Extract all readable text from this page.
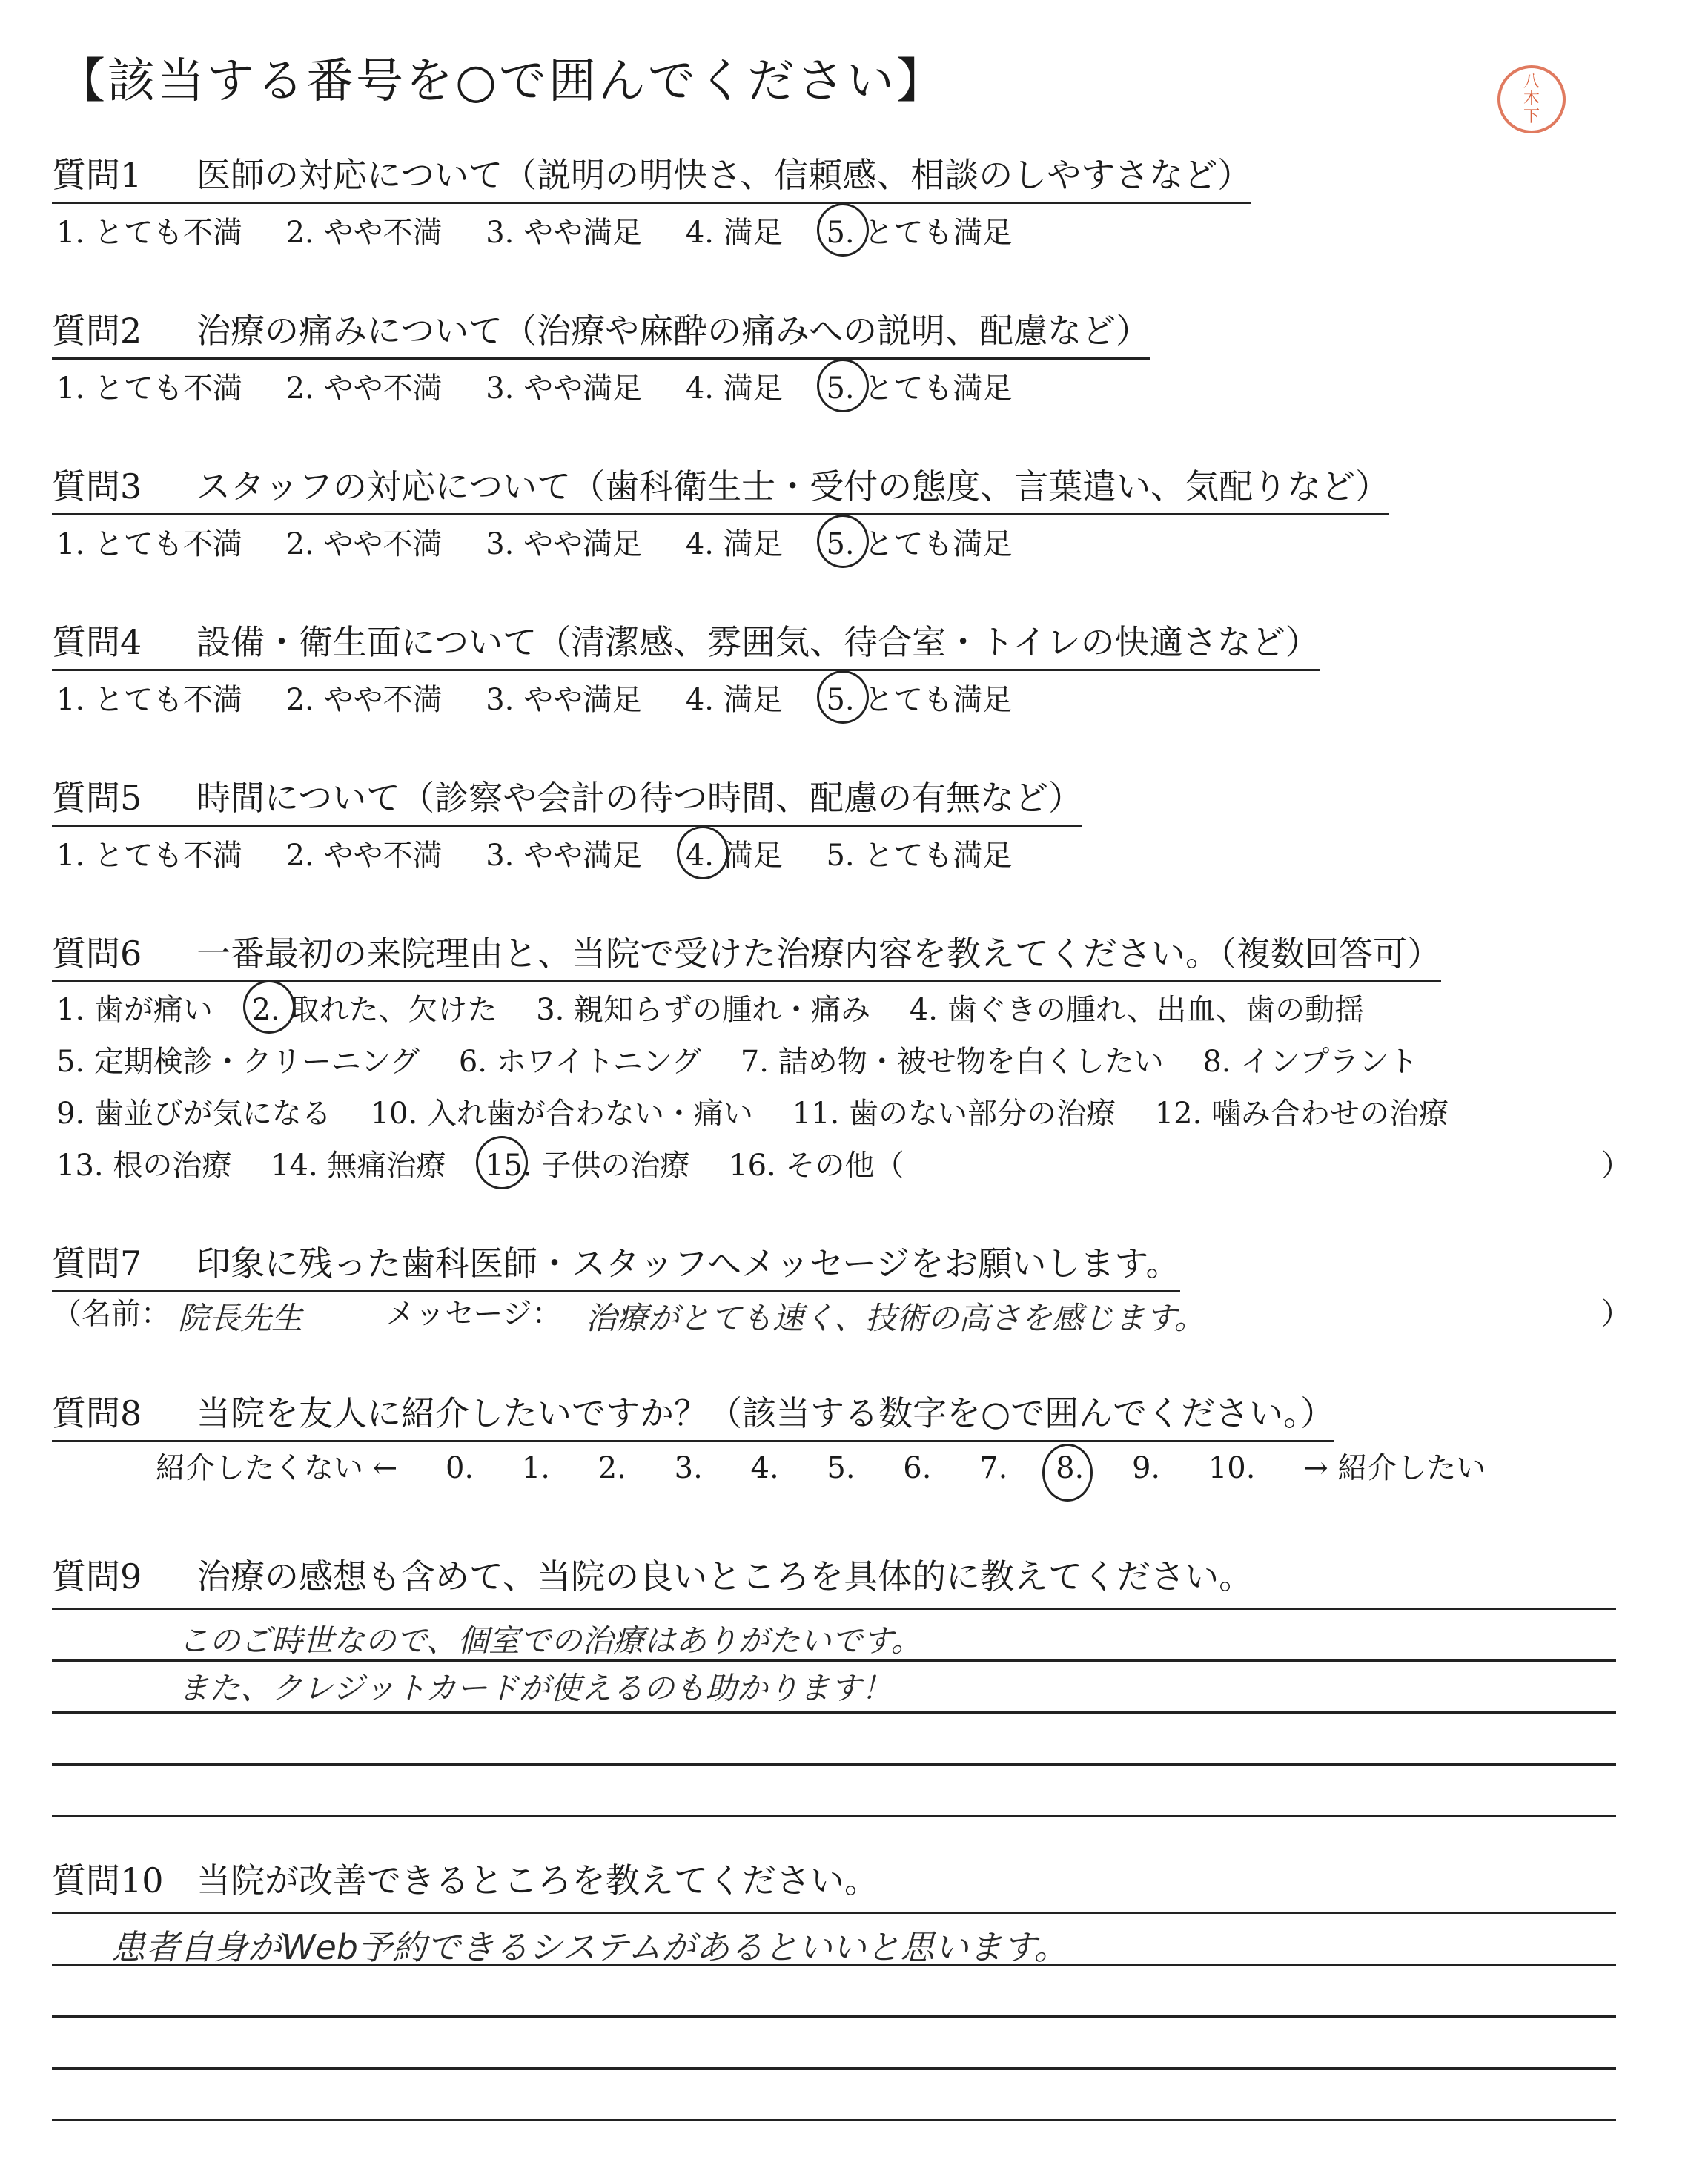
【該当する番号を○で囲んでください】	八
木
下
質問1 医師の対応について（説明の明快さ、信頼感、相談のしやすさなど）
1. とても不満 2. やや不満 3. やや満足 4. 満足 5. とても満足
質問2 治療の痛みについて（治療や麻酔の痛みへの説明、配慮など）
1. とても不満 2. やや不満 3. やや満足 4. 満足 5. とても満足
質問3 スタッフの対応について（歯科衛生士・受付の態度、言葉遣い、気配りなど）
1. とても不満 2. やや不満 3. やや満足 4. 満足 5. とても満足
質問4 設備・衛生面について（清潔感、雰囲気、待合室・トイレの快適さなど）
1. とても不満 2. やや不満 3. やや満足 4. 満足 5. とても満足
質問5 時間について（診察や会計の待つ時間、配慮の有無など）
1. とても不満 2. やや不満 3. やや満足 4. 満足 5. とても満足
質問6 一番最初の来院理由と、当院で受けた治療内容を教えてください。（複数回答可）
1. 歯が痛い 2. 取れた、欠けた 3. 親知らずの腫れ・痛み 4. 歯ぐきの腫れ、出血、歯の動揺
5. 定期検診・クリーニング 6. ホワイトニング 7. 詰め物・被せ物を白くしたい 8. インプラント
9. 歯並びが気になる 10. 入れ歯が合わない・痛い 11. 歯のない部分の治療 12. 噛み合わせの治療
13. 根の治療 14. 無痛治療 15. 子供の治療 16. その他（	）
質問7 印象に残った歯科医師・スタッフへメッセージをお願いします。
（名前： 院長先生	メッセージ： 治療がとても速く、技術の高さを感じます。	）
質問8 当院を友人に紹介したいですか？（該当する数字を○で囲んでください。）
紹介したくない ← 0. 1. 2. 3. 4. 5. 6. 7. 8. 9. 10. → 紹介したい
質問9 治療の感想も含めて、当院の良いところを具体的に教えてください。
このご時世なので、個室での治療はありがたいです。
また、クレジットカードが使えるのも助かります！
質問10 当院が改善できるところを教えてください。
患者自身がWeb予約できるシステムがあるといいと思います。
